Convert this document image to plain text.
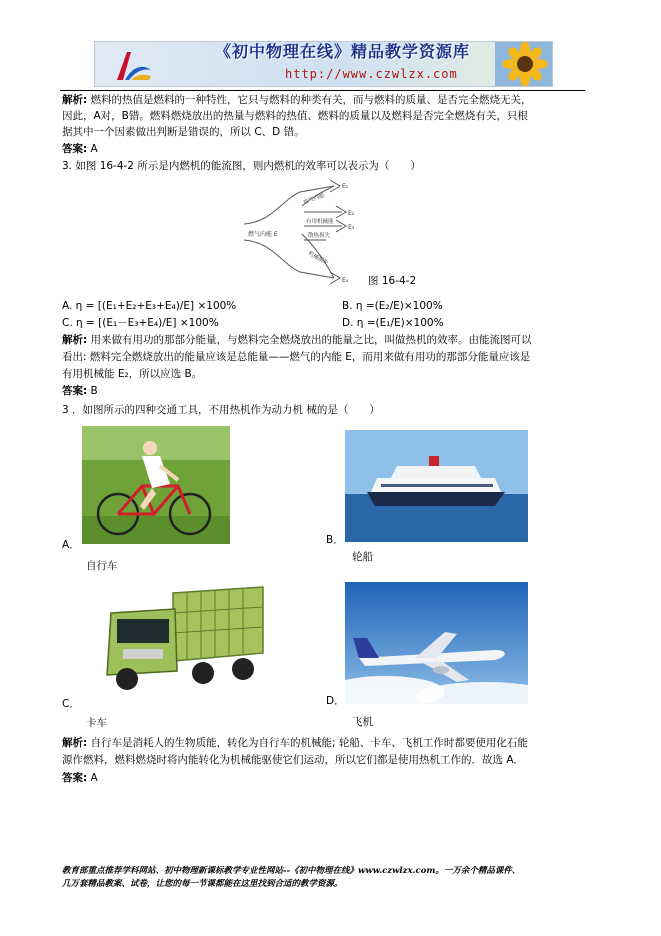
《初中物理在线》精品教学资源库
http://www.czwlzx.com
解析: 燃料的热值是燃料的一种特性，它只与燃料的种类有关，而与燃料的质量、是否完全燃烧无关，
因此，A对，B错。燃料燃烧放出的热量与燃料的热值、燃料的质量以及燃料是否完全燃烧有关，只根
据其中一个因素做出判断是错误的，所以 C、D 错。
答案: A
3. 如图 16-4-2 所示是内燃机的能流图，则内燃机的效率可以表示为（　　）
燃气内能 E
废气内能
有用机械能
散热损失
机械损失
E₁
E₂
E₃
E₄ 图 16-4-2
A. η = [(E₁+E₂+E₃+E₄)/E] ×100%	B. η =(E₂/E)×100%
C. η = [(E₁－E₃+E₄)/E] ×100%	D. η =(E₁/E)×100%
解析: 用来做有用功的那部分能量，与燃料完全燃烧放出的能量之比，叫做热机的效率。由能流图可以
看出: 燃料完全燃烧放出的能量应该是总能量——燃气的内能 E，而用来做有用功的那部分能量应该是
有用机械能 E₂，所以应选 B。
答案: B
3 ．如图所示的四种交通工具，不用热机作为动力机 械的是（　　）
A．
自行车
B．
轮船
C．
卡车
D．
飞机
解析: 自行车是消耗人的生物质能，转化为自行车的机械能; 轮船、卡车、飞机工作时都要使用化石能
源作燃料，燃料燃烧时将内能转化为机械能驱使它们运动，所以它们都是使用热机工作的．故选 A．
答案: A
教育部重点推荐学科网站、初中物理新课标教学专业性网站--《初中物理在线》www.czwlzx.com。一万余个精品课件、
几万套精品教案、试卷，让您的每一节课都能在这里找到合适的教学资源。
